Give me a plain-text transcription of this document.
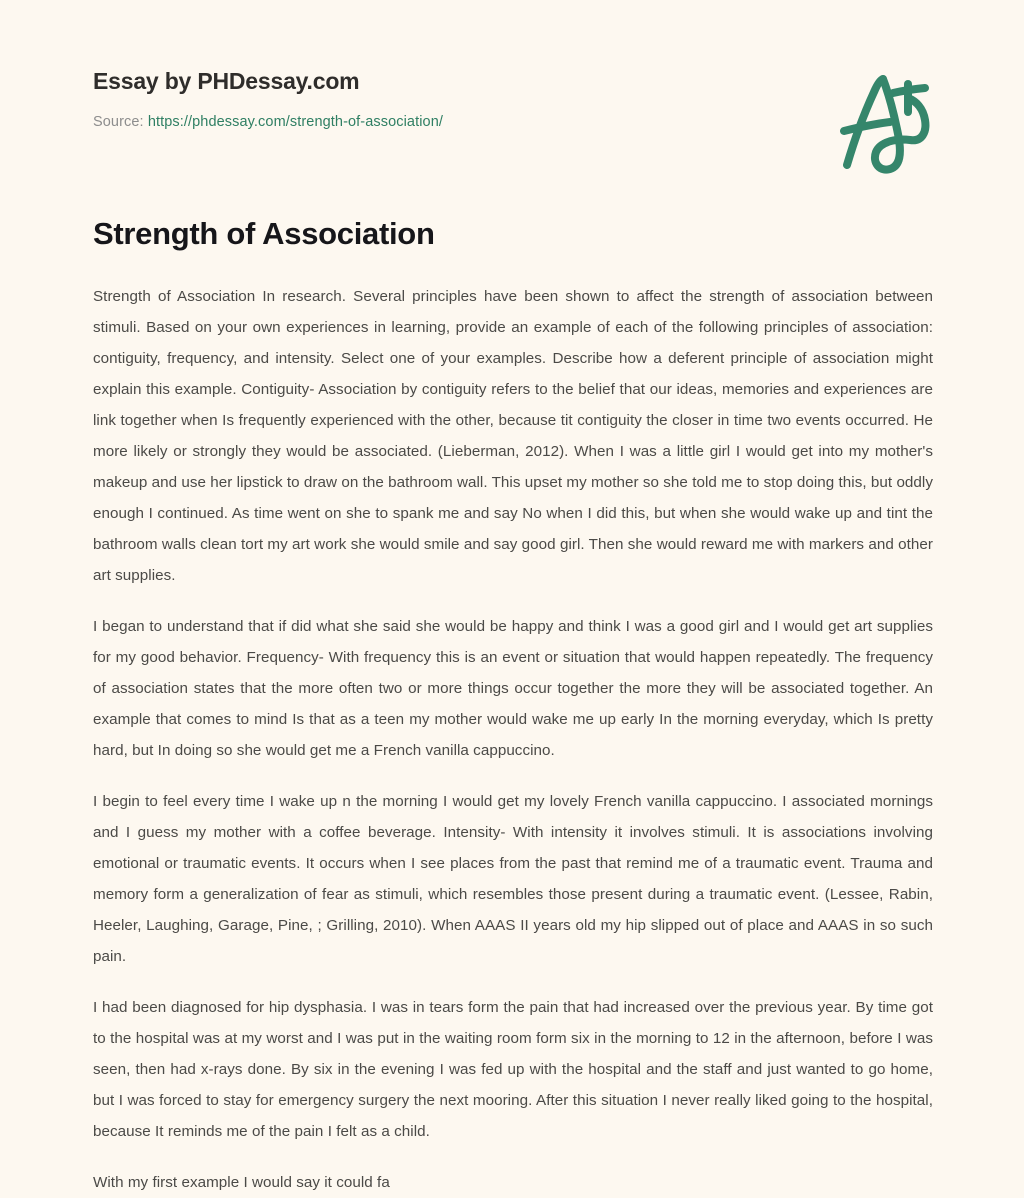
Essay by PHDessay.com
Source: https://phdessay.com/strength-of-association/
Strength of Association

Strength of Association In research. Several principles have been shown to affect the strength of association between stimuli. Based on your own experiences in learning, provide an example of each of the following principles of association: contiguity, frequency, and intensity. Select one of your examples. Describe how a deferent principle of association might explain this example. Contiguity- Association by contiguity refers to the belief that our ideas, memories and experiences are link together when Is frequently experienced with the other, because tit contiguity the closer in time two events occurred. He more likely or strongly they would be associated. (Lieberman, 2012). When I was a little girl I would get into my mother's makeup and use her lipstick to draw on the bathroom wall. This upset my mother so she told me to stop doing this, but oddly enough I continued. As time went on she to spank me and say No when I did this, but when she would wake up and tint the bathroom walls clean tort my art work she would smile and say good girl. Then she would reward me with markers and other art supplies.

I began to understand that if did what she said she would be happy and think I was a good girl and I would get art supplies for my good behavior. Frequency- With frequency this is an event or situation that would happen repeatedly. The frequency of association states that the more often two or more things occur together the more they will be associated together. An example that comes to mind Is that as a teen my mother would wake me up early In the morning everyday, which Is pretty hard, but In doing so she would get me a French vanilla cappuccino.

I begin to feel every time I wake up n the morning I would get my lovely French vanilla cappuccino. I associated mornings and I guess my mother with a coffee beverage. Intensity- With intensity it involves stimuli. It is associations involving emotional or traumatic events. It occurs when I see places from the past that remind me of a traumatic event. Trauma and memory form a generalization of fear as stimuli, which resembles those present during a traumatic event. (Lessee, Rabin, Heeler, Laughing, Garage, Pine, ; Grilling, 2010). When AAAS II years old my hip slipped out of place and AAAS in so such pain.

I had been diagnosed for hip dysphasia. I was in tears form the pain that had increased over the previous year. By time got to the hospital was at my worst and I was put in the waiting room form six in the morning to 12 in the afternoon, before I was seen, then had x-rays done. By six in the evening I was fed up with the hospital and the staff and just wanted to go home, but I was forced to stay for emergency surgery the next mooring. After this situation I never really liked going to the hospital, because It reminds me of the pain I felt as a child.

With my first example I would say it could fa
